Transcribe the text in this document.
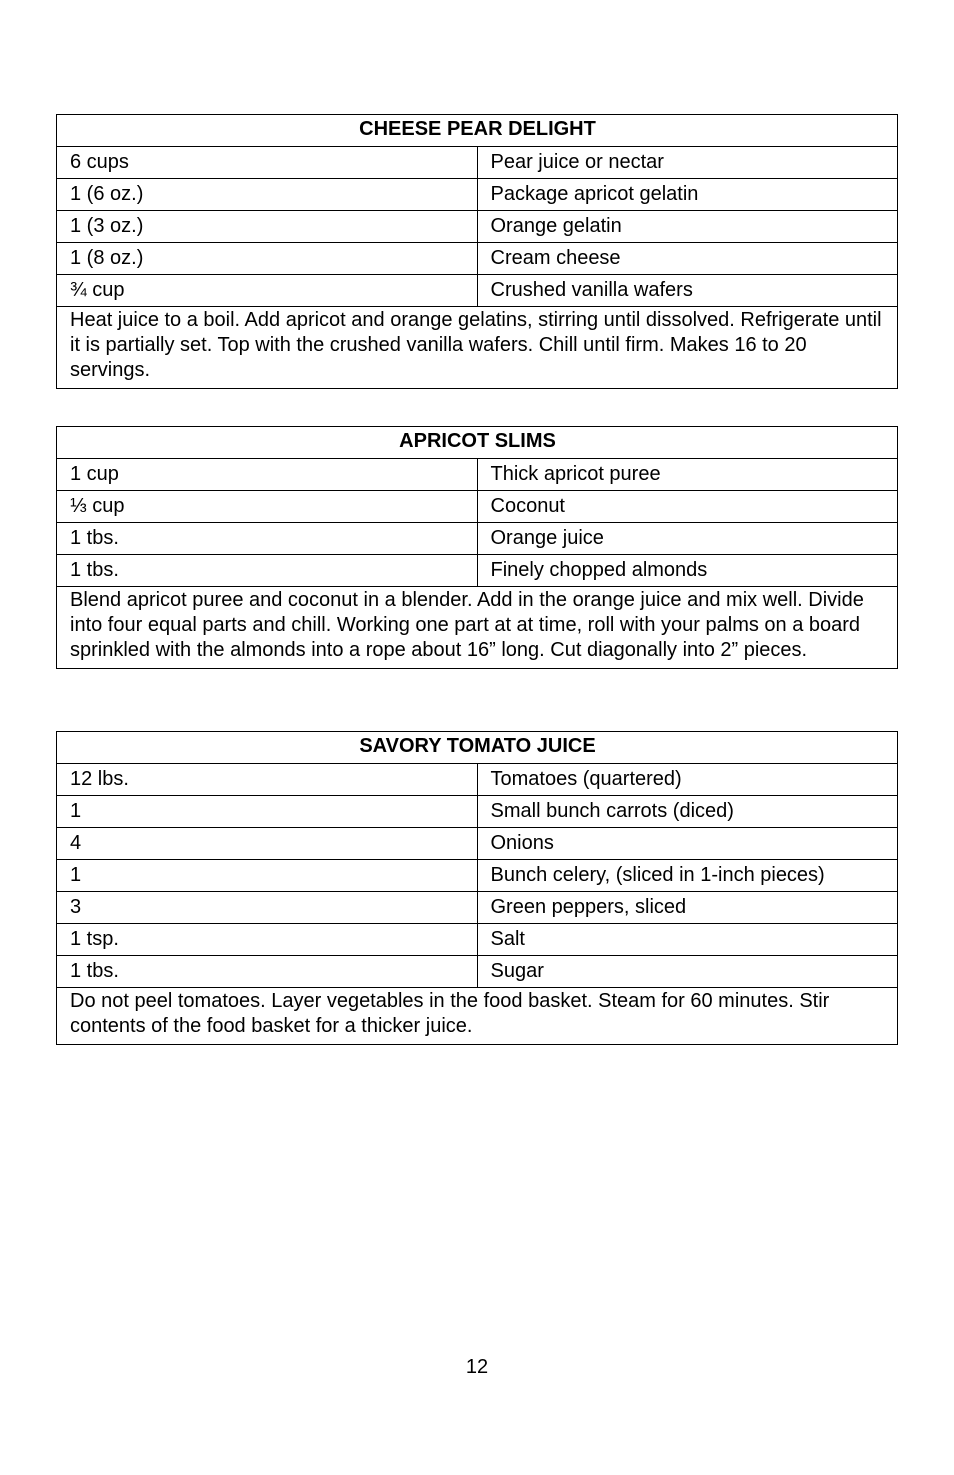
CHEESE PEAR DELIGHT	
6 cups	Pear juice or nectar
1 (6 oz.)	Package apricot gelatin
1 (3 oz.)	Orange gelatin
1 (8 oz.)	Cream cheese
¾ cup	Crushed vanilla wafers
Heat juice to a boil. Add apricot and orange gelatins, stirring until dissolved. Refrigerate until it is partially set. Top with the crushed vanilla wafers. Chill until firm. Makes 16 to 20 servings.	
APRICOT SLIMS	
1 cup	Thick apricot puree
⅓ cup	Coconut
1 tbs.	Orange juice
1 tbs.	Finely chopped almonds
Blend apricot puree and coconut in a blender. Add in the orange juice and mix well. Divide into four equal parts and chill. Working one part at at time, roll with your palms on a board sprinkled with the almonds into a rope about 16” long. Cut diagonally into 2” pieces.	
SAVORY TOMATO JUICE	
12 lbs.	Tomatoes (quartered)
1	Small bunch carrots (diced)
4	Onions
1	Bunch celery, (sliced in 1-inch pieces)
3	Green peppers, sliced
1 tsp.	Salt
1 tbs.	Sugar
Do not peel tomatoes. Layer vegetables in the food basket. Steam for 60 minutes. Stir contents of the food basket for a thicker juice.	
12
